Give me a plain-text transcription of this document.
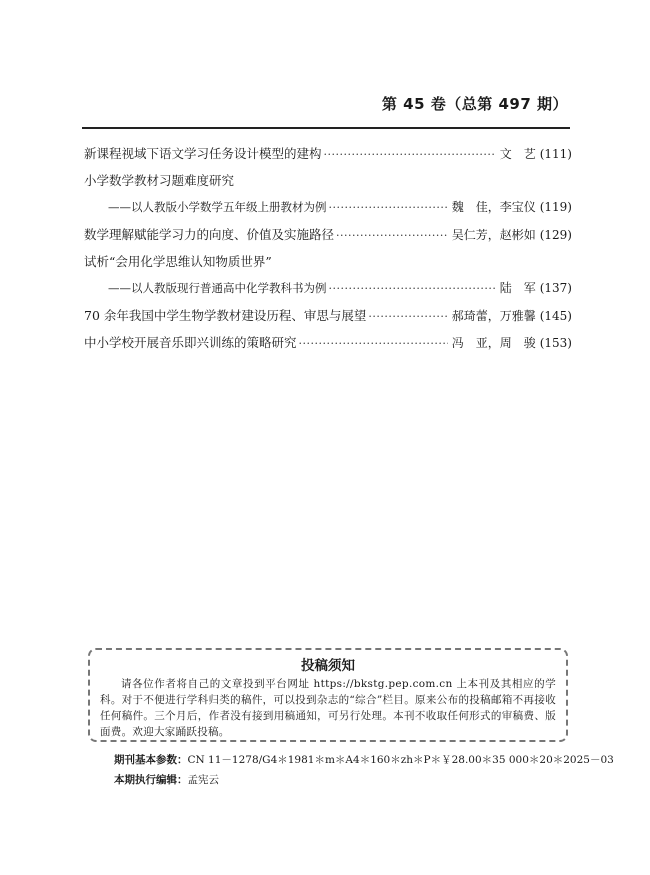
第 45 卷（总第 497 期）
新课程视域下语文学习任务设计模型的建构 ·····	文　艺 (111)
小学数学教材习题难度研究
——以人教版小学数学五年级上册教材为例 ·····	魏　佳，李宝仪 (119)
数学理解赋能学习力的向度、价值及实施路径 ·····	吴仁芳，赵彬如 (129)
试析“会用化学思维认知物质世界”
——以人教版现行普通高中化学教科书为例 ·····	陆　军 (137)
70 余年我国中学生物学教材建设历程、审思与展望 ·····	郝琦蕾，万雅馨 (145)
中小学校开展音乐即兴训练的策略研究 ·····	冯　亚，周　骏 (153)
投稿须知
请各位作者将自己的文章投到平台网址 https://bkstg.pep.com.cn 上本刊及其相应的学科。对于不便进行学科归类的稿件，可以投到杂志的“综合”栏目。原来公布的投稿邮箱不再接收任何稿件。三个月后，作者没有接到用稿通知，可另行处理。本刊不收取任何形式的审稿费、版面费。欢迎大家踊跃投稿。
期刊基本参数：CN 11－1278/G4＊1981＊m＊A4＊160＊zh＊P＊￥28.00＊35 000＊20＊2025－03
本期执行编辑：孟宪云
